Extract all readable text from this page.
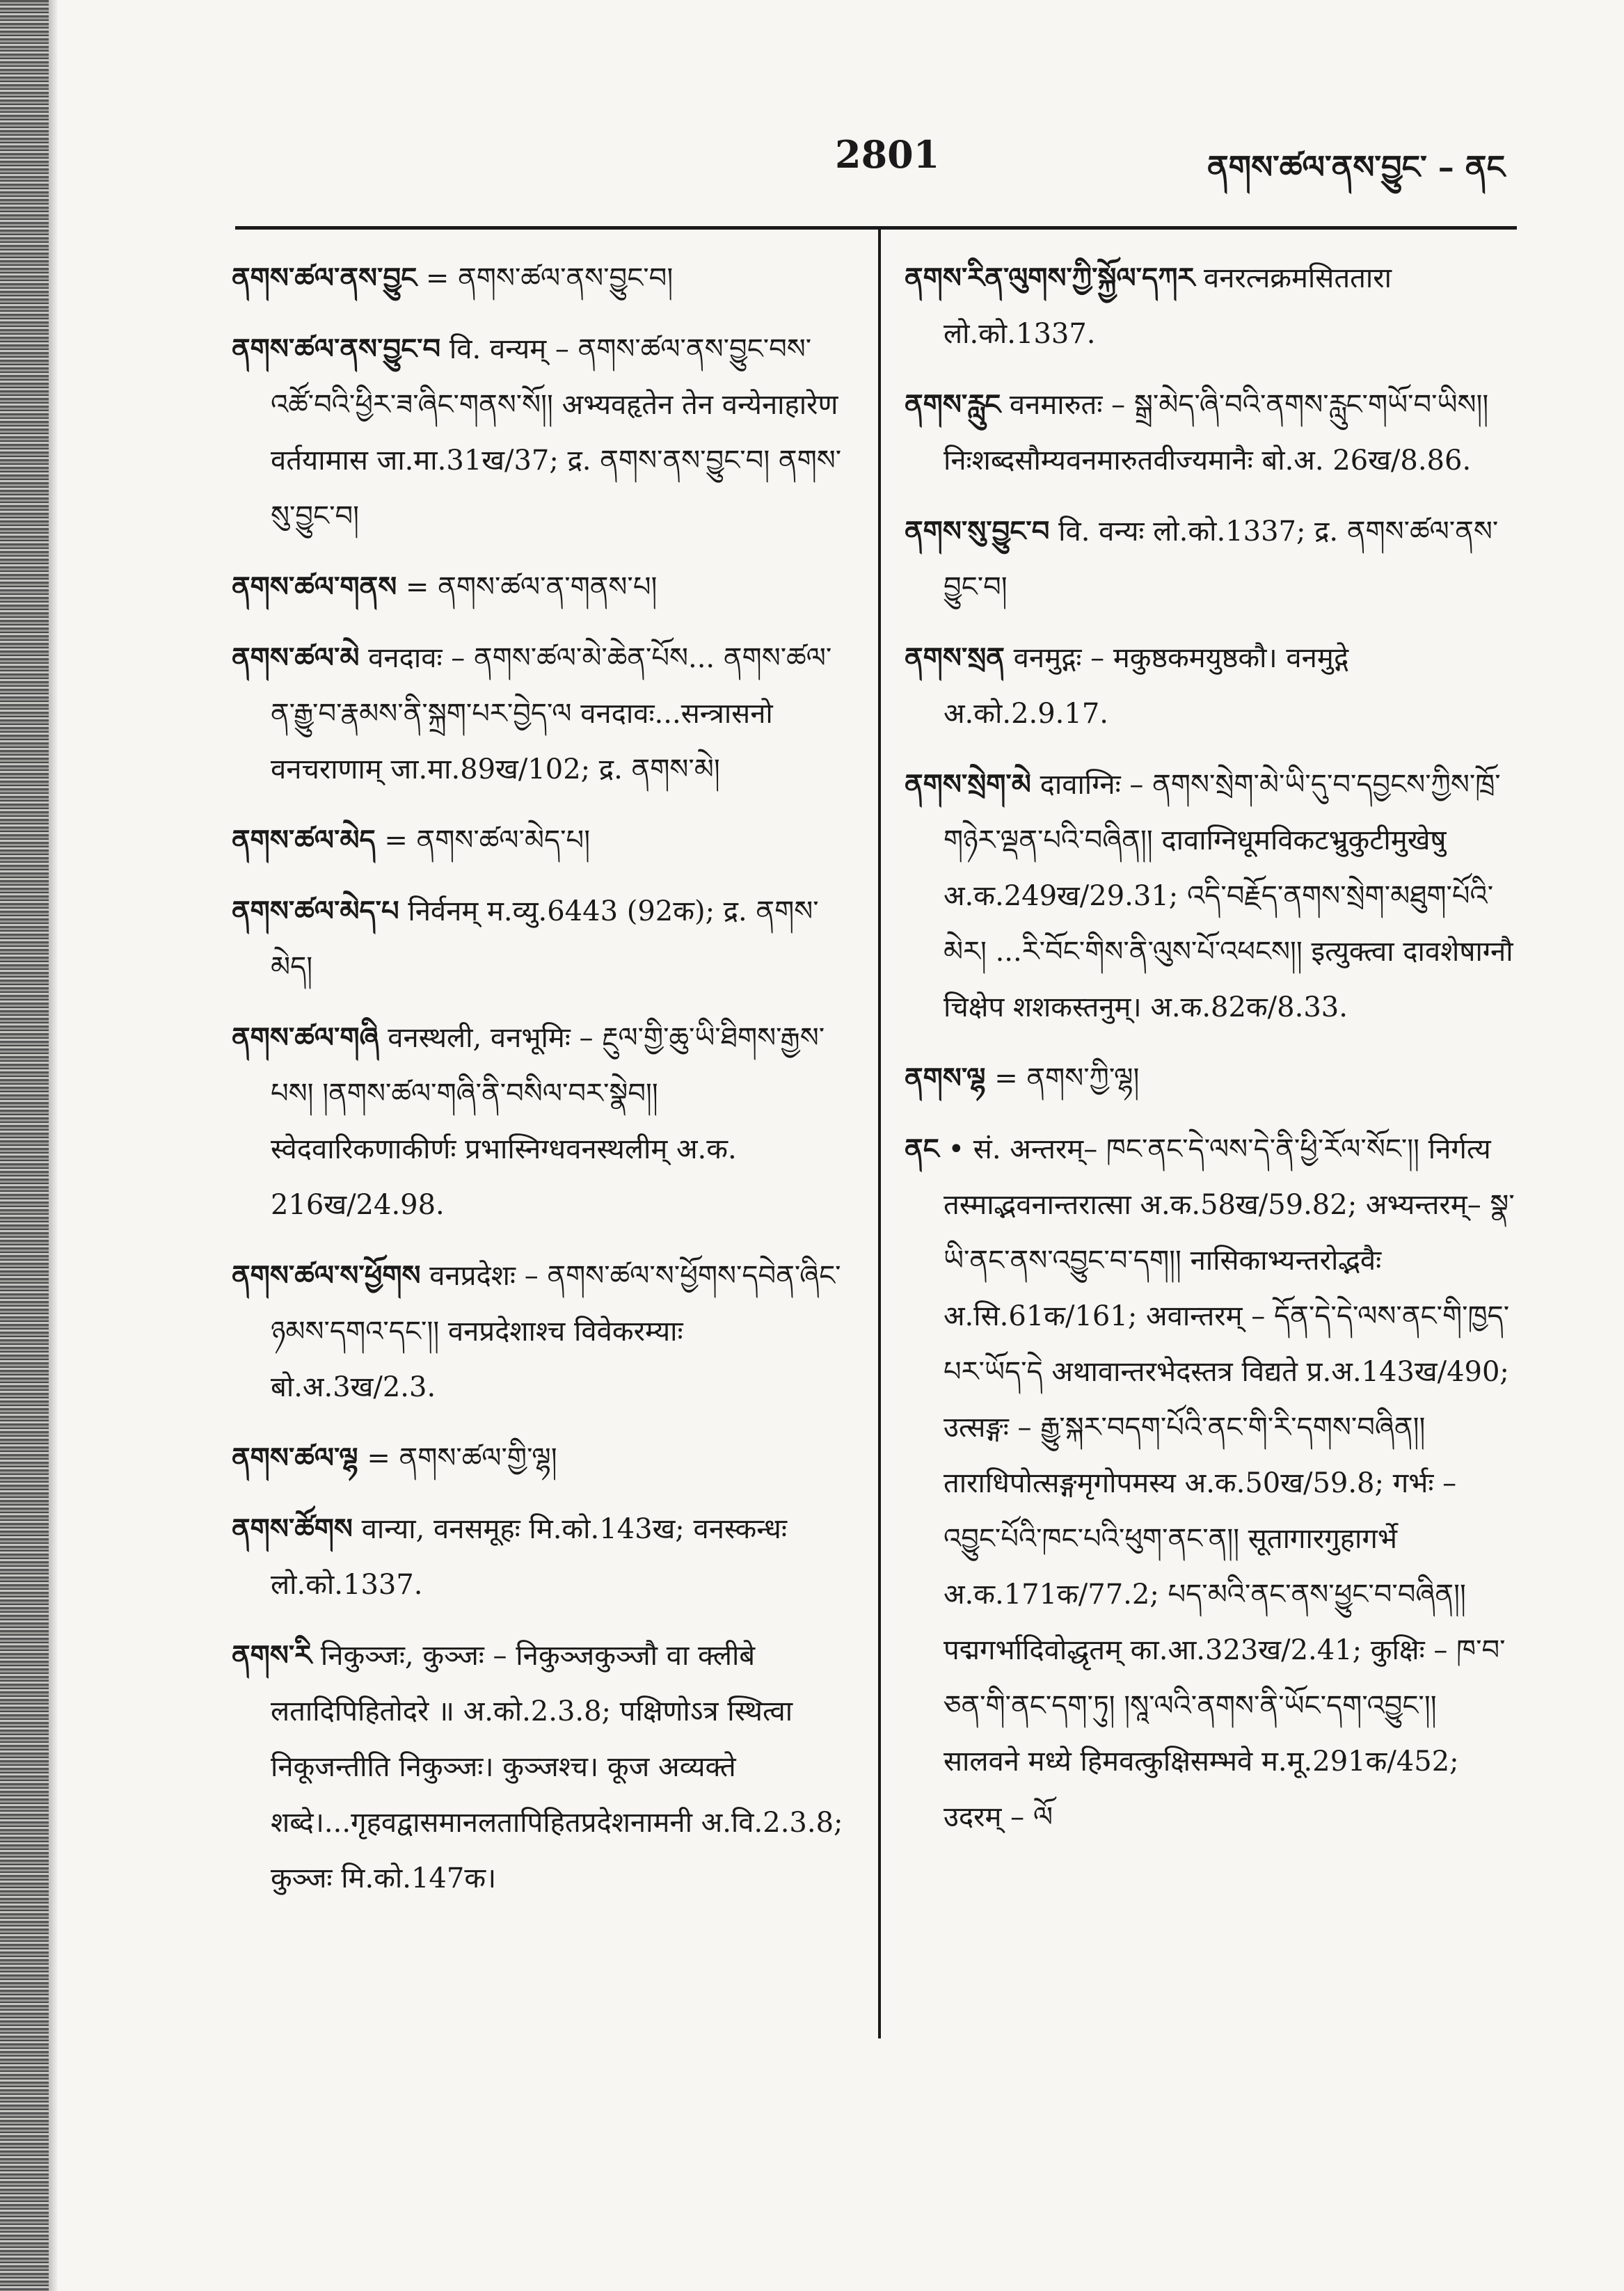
2801	ནགས་ཚལ་ནས་བྱུང་ – ནང

ནགས་ཚལ་ནས་བྱུང = ནགས་ཚལ་ནས་བྱུང་བ།

ནགས་ཚལ་ནས་བྱུང་བ वि. वन्यम् – ནགས་ཚལ་ནས་བྱུང་བས་འཚོ་བའི་ཕྱིར་ཟ་ཞིང་གནས་སོ།། अभ्यवहृतेन तेन वन्येनाहारेण वर्तयामास जा.मा.31ख/37; द्र. ནགས་ནས་བྱུང་བ། ནགས་སུ་བྱུང་བ།

ནགས་ཚལ་གནས = ནགས་ཚལ་ན་གནས་པ།

ནགས་ཚལ་མེ वनदावः – ནགས་ཚལ་མེ་ཆེན་པོས... ནགས་ཚལ་ན་རྒྱུ་བ་རྣམས་ནི་སྐྲག་པར་བྱེད་ལ वनदावः...सन्त्रासनो वनचराणाम् जा.मा.89ख/102; द्र. ནགས་མེ།

ནགས་ཚལ་མེད = ནགས་ཚལ་མེད་པ།

ནགས་ཚལ་མེད་པ निर्वनम् म.व्यु.6443 (92क); द्र. ནགས་མེད།

ནགས་ཚལ་གཞི वनस्थली, वनभूमिः – རྔུལ་གྱི་ཆུ་ཡི་ཐིགས་རྒྱས་པས། །ནགས་ཚལ་གཞི་ནི་བསིལ་བར་སྣེབ།། स्वेदवारिकणाकीर्णः प्रभास्निग्धवनस्थलीम् अ.क. 216ख/24.98.

ནགས་ཚལ་ས་ཕྱོགས वनप्रदेशः – ནགས་ཚལ་ས་ཕྱོགས་དབེན་ཞིང་ཉམས་དགའ་དང་།། वनप्रदेशाश्च विवेकरम्याः बो.अ.3ख/2.3.

ནགས་ཚལ་ལྷ = ནགས་ཚལ་གྱི་ལྷ།

ནགས་ཚོགས वान्या, वनसमूहः मि.को.143ख; वनस्कन्धः लो.को.1337.

ནགས་རི निकुञ्जः, कुञ्जः – निकुञ्जकुञ्जौ वा क्लीबे लतादिपिहितोदरे ॥ अ.को.2.3.8; पक्षिणोऽत्र स्थित्वा निकूजन्तीति निकुञ्जः। कुञ्जश्च। कूज अव्यक्ते शब्दे।...गृहवद्वासमानलतापिहितप्रदेशनामनी अ.वि.2.3.8; कुञ्जः मि.को.147क।

ནགས་རིན་ལུགས་ཀྱི་སྐྱོལ་དཀར वनरत्नक्रमसिततारा लो.को.1337.

ནགས་རླུང वनमारुतः – སྒྲ་མེད་ཞི་བའི་ནགས་རླུང་གཡོ་བ་ཡིས།། निःशब्दसौम्यवनमारुतवीज्यमानैः बो.अ. 26ख/8.86.

ནགས་སུ་བྱུང་བ वि. वन्यः लो.को.1337; द्र. ནགས་ཚལ་ནས་བྱུང་བ།

ནགས་སྲན वनमुद्गः – मकुष्ठकमयुष्ठकौ। वनमुद्गे अ.को.2.9.17.

ནགས་སྲེག་མེ दावाग्निः – ནགས་སྲེག་མེ་ཡི་དུ་བ་དབྱངས་ཀྱིས་ཁྲོ་གཉེར་ལྡན་པའི་བཞིན།། दावाग्निधूमविकटभ्रुकुटीमुखेषु अ.क.249ख/29.31; འདི་བརྗོད་ནགས་སྲེག་མཐུག་པོའི་མེར། ...རི་བོང་གིས་ནི་ལུས་པོ་འཕངས།། इत्युक्त्वा दावशेषाग्नौ चिक्षेप शशकस्तनुम्। अ.क.82क/8.33.

ནགས་ལྷ = ནགས་ཀྱི་ལྷ།

ནང • सं. अन्तरम्– ཁང་ནང་དེ་ལས་དེ་ནི་ཕྱི་རོལ་སོང་།། निर्गत्य तस्माद्भवनान्तरात्सा अ.क.58ख/59.82; अभ्यन्तरम्– སྣ་ཡི་ནང་ནས་འབྱུང་བ་དག།། नासिकाभ्यन्तरोद्भवैः अ.सि.61क/161; अवान्तरम् – དོན་དེ་དེ་ལས་ནང་གི་ཁྱད་པར་ཡོད་དེ अथावान्तरभेदस्तत्र विद्यते प्र.अ.143ख/490; उत्सङ्गः – རྒྱུ་སྐར་བདག་པོའི་ནང་གི་རི་དགས་བཞིན།། ताराधिपोत्सङ्गमृगोपमस्य अ.क.50ख/59.8; गर्भः – འབྱུང་པོའི་ཁང་པའི་ཕུག་ནང་ན།། सूतागारगुहागर्भे अ.क.171क/77.2; པད་མའི་ནང་ནས་ཕྱུང་བ་བཞིན།། पद्मगर्भादिवोद्धृतम् का.आ.323ख/2.41; कुक्षिः – ཁ་བ་ཅན་གི་ནང་དག་ཏུ། །སཱ་ལའི་ནགས་ནི་ཡོང་དག་འབྱུང་།། सालवने मध्ये हिमवत्कुक्षिसम्भवे म.मू.291क/452; उदरम् – ལོ
